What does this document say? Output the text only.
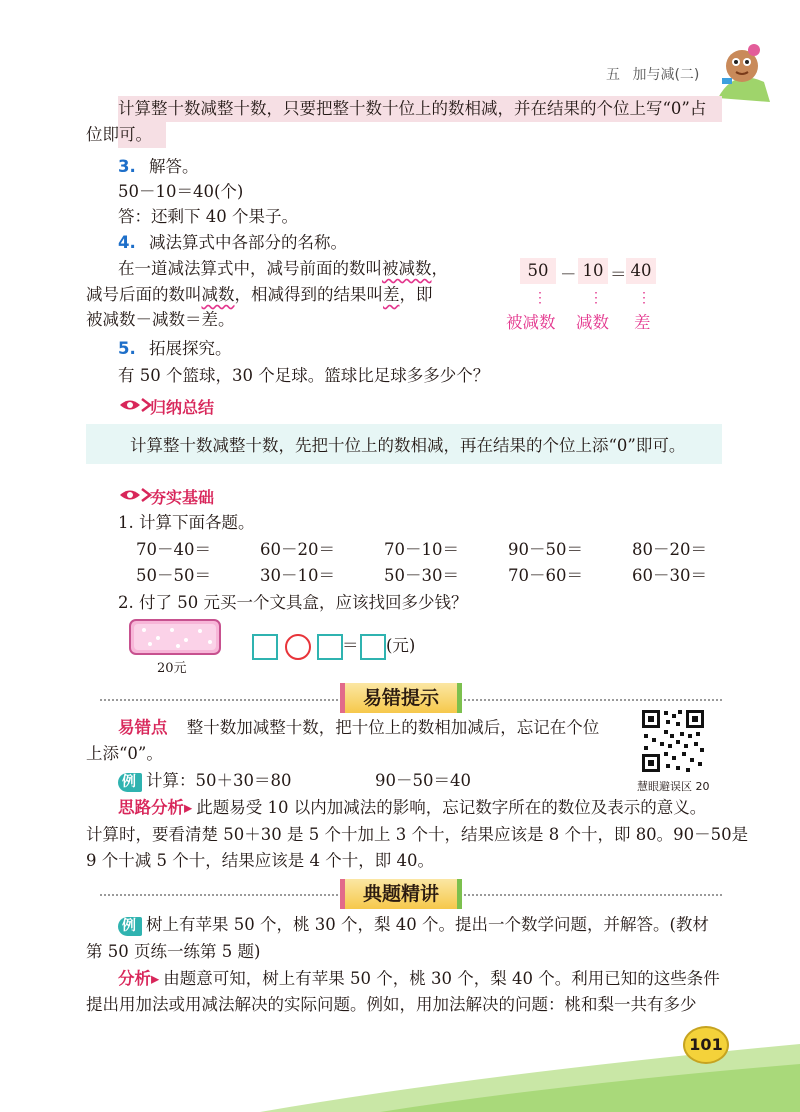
五 加与减(二)
计算整十数减整十数，只要把整十数十位上的数相减，并在结果的个位上写“0”占
位即可。
3. 解答。
50－10＝40(个)
答：还剩下 40 个果子。
4. 减法算式中各部分的名称。
在一道减法算式中，减号前面的数叫被减数，
减号后面的数叫减数，相减得到的结果叫差，即
被减数－减数＝差。
50 － 10 ＝ 40
⋮	⋮ ⋮
被减数 减数 差
5. 拓展探究。
有 50 个篮球，30 个足球。篮球比足球多多少个？
归纳总结
计算整十数减整十数，先把十位上的数相减，再在结果的个位上添“0”即可。
夯实基础
1. 计算下面各题。
70－40＝	60－20＝	70－10＝	90－50＝	80－20＝
50－50＝	30－10＝	50－30＝	70－60＝	60－30＝
2. 付了 50 元买一个文具盒，应该找回多少钱？
20元
＝ (元)
易错提示
易错点 整十数加减整十数，把十位上的数相加减后，忘记在个位
上添“0”。
慧眼避误区 20
例 计算：50＋30＝80	90－50＝40
思路分析▸ 此题易受 10 以内加减法的影响，忘记数字所在的数位及表示的意义。
计算时，要看清楚 50＋30 是 5 个十加上 3 个十，结果应该是 8 个十，即 80。90－50是
9 个十减 5 个十，结果应该是 4 个十，即 40。
典题精讲
例 树上有苹果 50 个，桃 30 个，梨 40 个。提出一个数学问题，并解答。(教材
第 50 页练一练第 5 题)
分析▸ 由题意可知，树上有苹果 50 个，桃 30 个，梨 40 个。利用已知的这些条件
提出用加法或用减法解决的实际问题。例如，用加法解决的问题：桃和梨一共有多少
101
